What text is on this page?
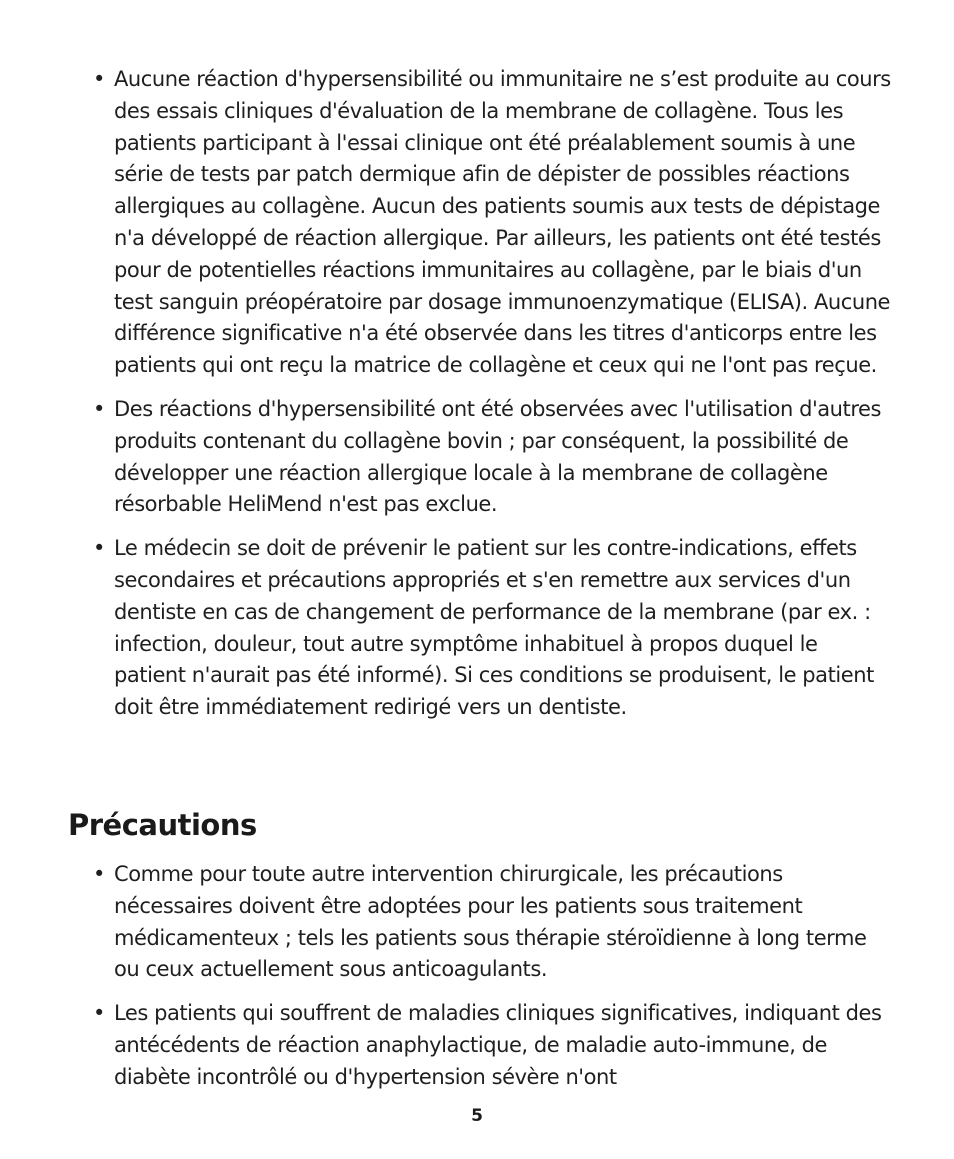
• Aucune réaction d'hypersensibilité ou immunitaire ne s’est produite au cours des essais cliniques d'évaluation de la membrane de collagène. Tous les patients participant à l'essai clinique ont été préalablement soumis à une série de tests par patch dermique afin de dépister de possibles réactions allergiques au collagène. Aucun des patients soumis aux tests de dépistage n'a développé de réaction allergique. Par ailleurs, les patients ont été testés pour de potentielles réactions immunitaires au collagène, par le biais d'un test sanguin préopératoire par dosage immunoenzymatique (ELISA). Aucune différence significative n'a été observée dans les titres d'anticorps entre les patients qui ont reçu la matrice de collagène et ceux qui ne l'ont pas reçue.
• Des réactions d'hypersensibilité ont été observées avec l'utilisation d'autres produits contenant du collagène bovin ; par conséquent, la possibilité de développer une réaction allergique locale à la membrane de collagène résorbable HeliMend n'est pas exclue.
• Le médecin se doit de prévenir le patient sur les contre-indications, effets secondaires et précautions appropriés et s'en remettre aux services d'un dentiste en cas de changement de performance de la membrane (par ex. : infection, douleur, tout autre symptôme inhabituel à propos duquel le patient n'aurait pas été informé). Si ces conditions se produisent, le patient doit être immédiatement redirigé vers un dentiste.
Précautions
• Comme pour toute autre intervention chirurgicale, les précautions nécessaires doivent être adoptées pour les patients sous traitement médicamenteux ; tels les patients sous thérapie stéroïdienne à long terme ou ceux actuellement sous anticoagulants.
• Les patients qui souffrent de maladies cliniques significatives, indiquant des antécédents de réaction anaphylactique, de maladie auto-immune, de diabète incontrôlé ou d'hypertension sévère n'ont
5
